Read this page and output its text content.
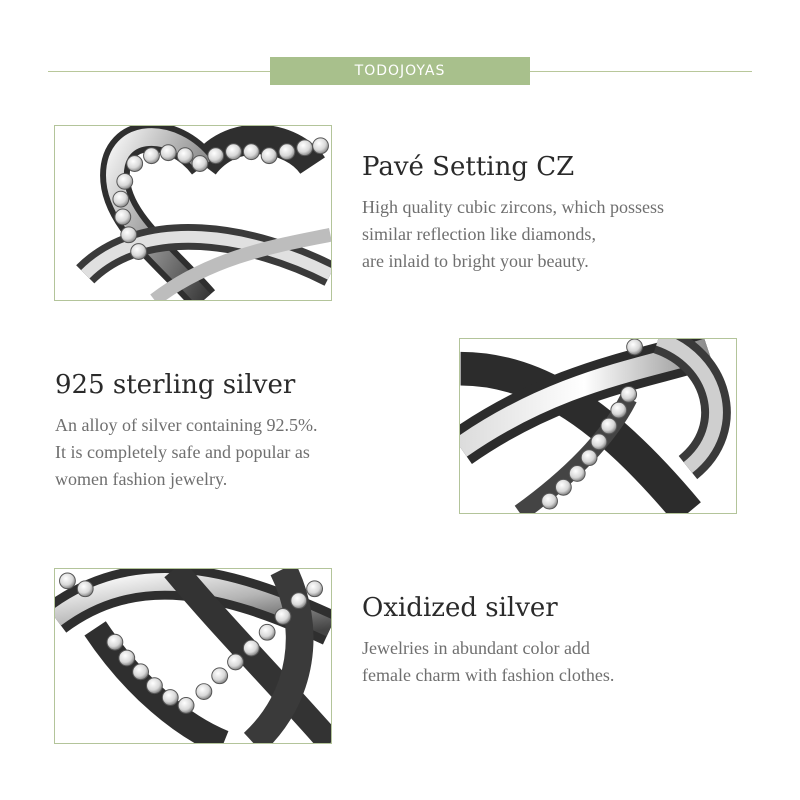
TODOJOYAS
Pavé Setting CZ

High quality cubic zircons, which possess
similar reflection like diamonds,
are inlaid to bright your beauty.

925 sterling silver

An alloy of silver containing 92.5%.
It is completely safe and popular as
women fashion jewelry.

Oxidized silver

Jewelries in abundant color add
female charm with fashion clothes.
